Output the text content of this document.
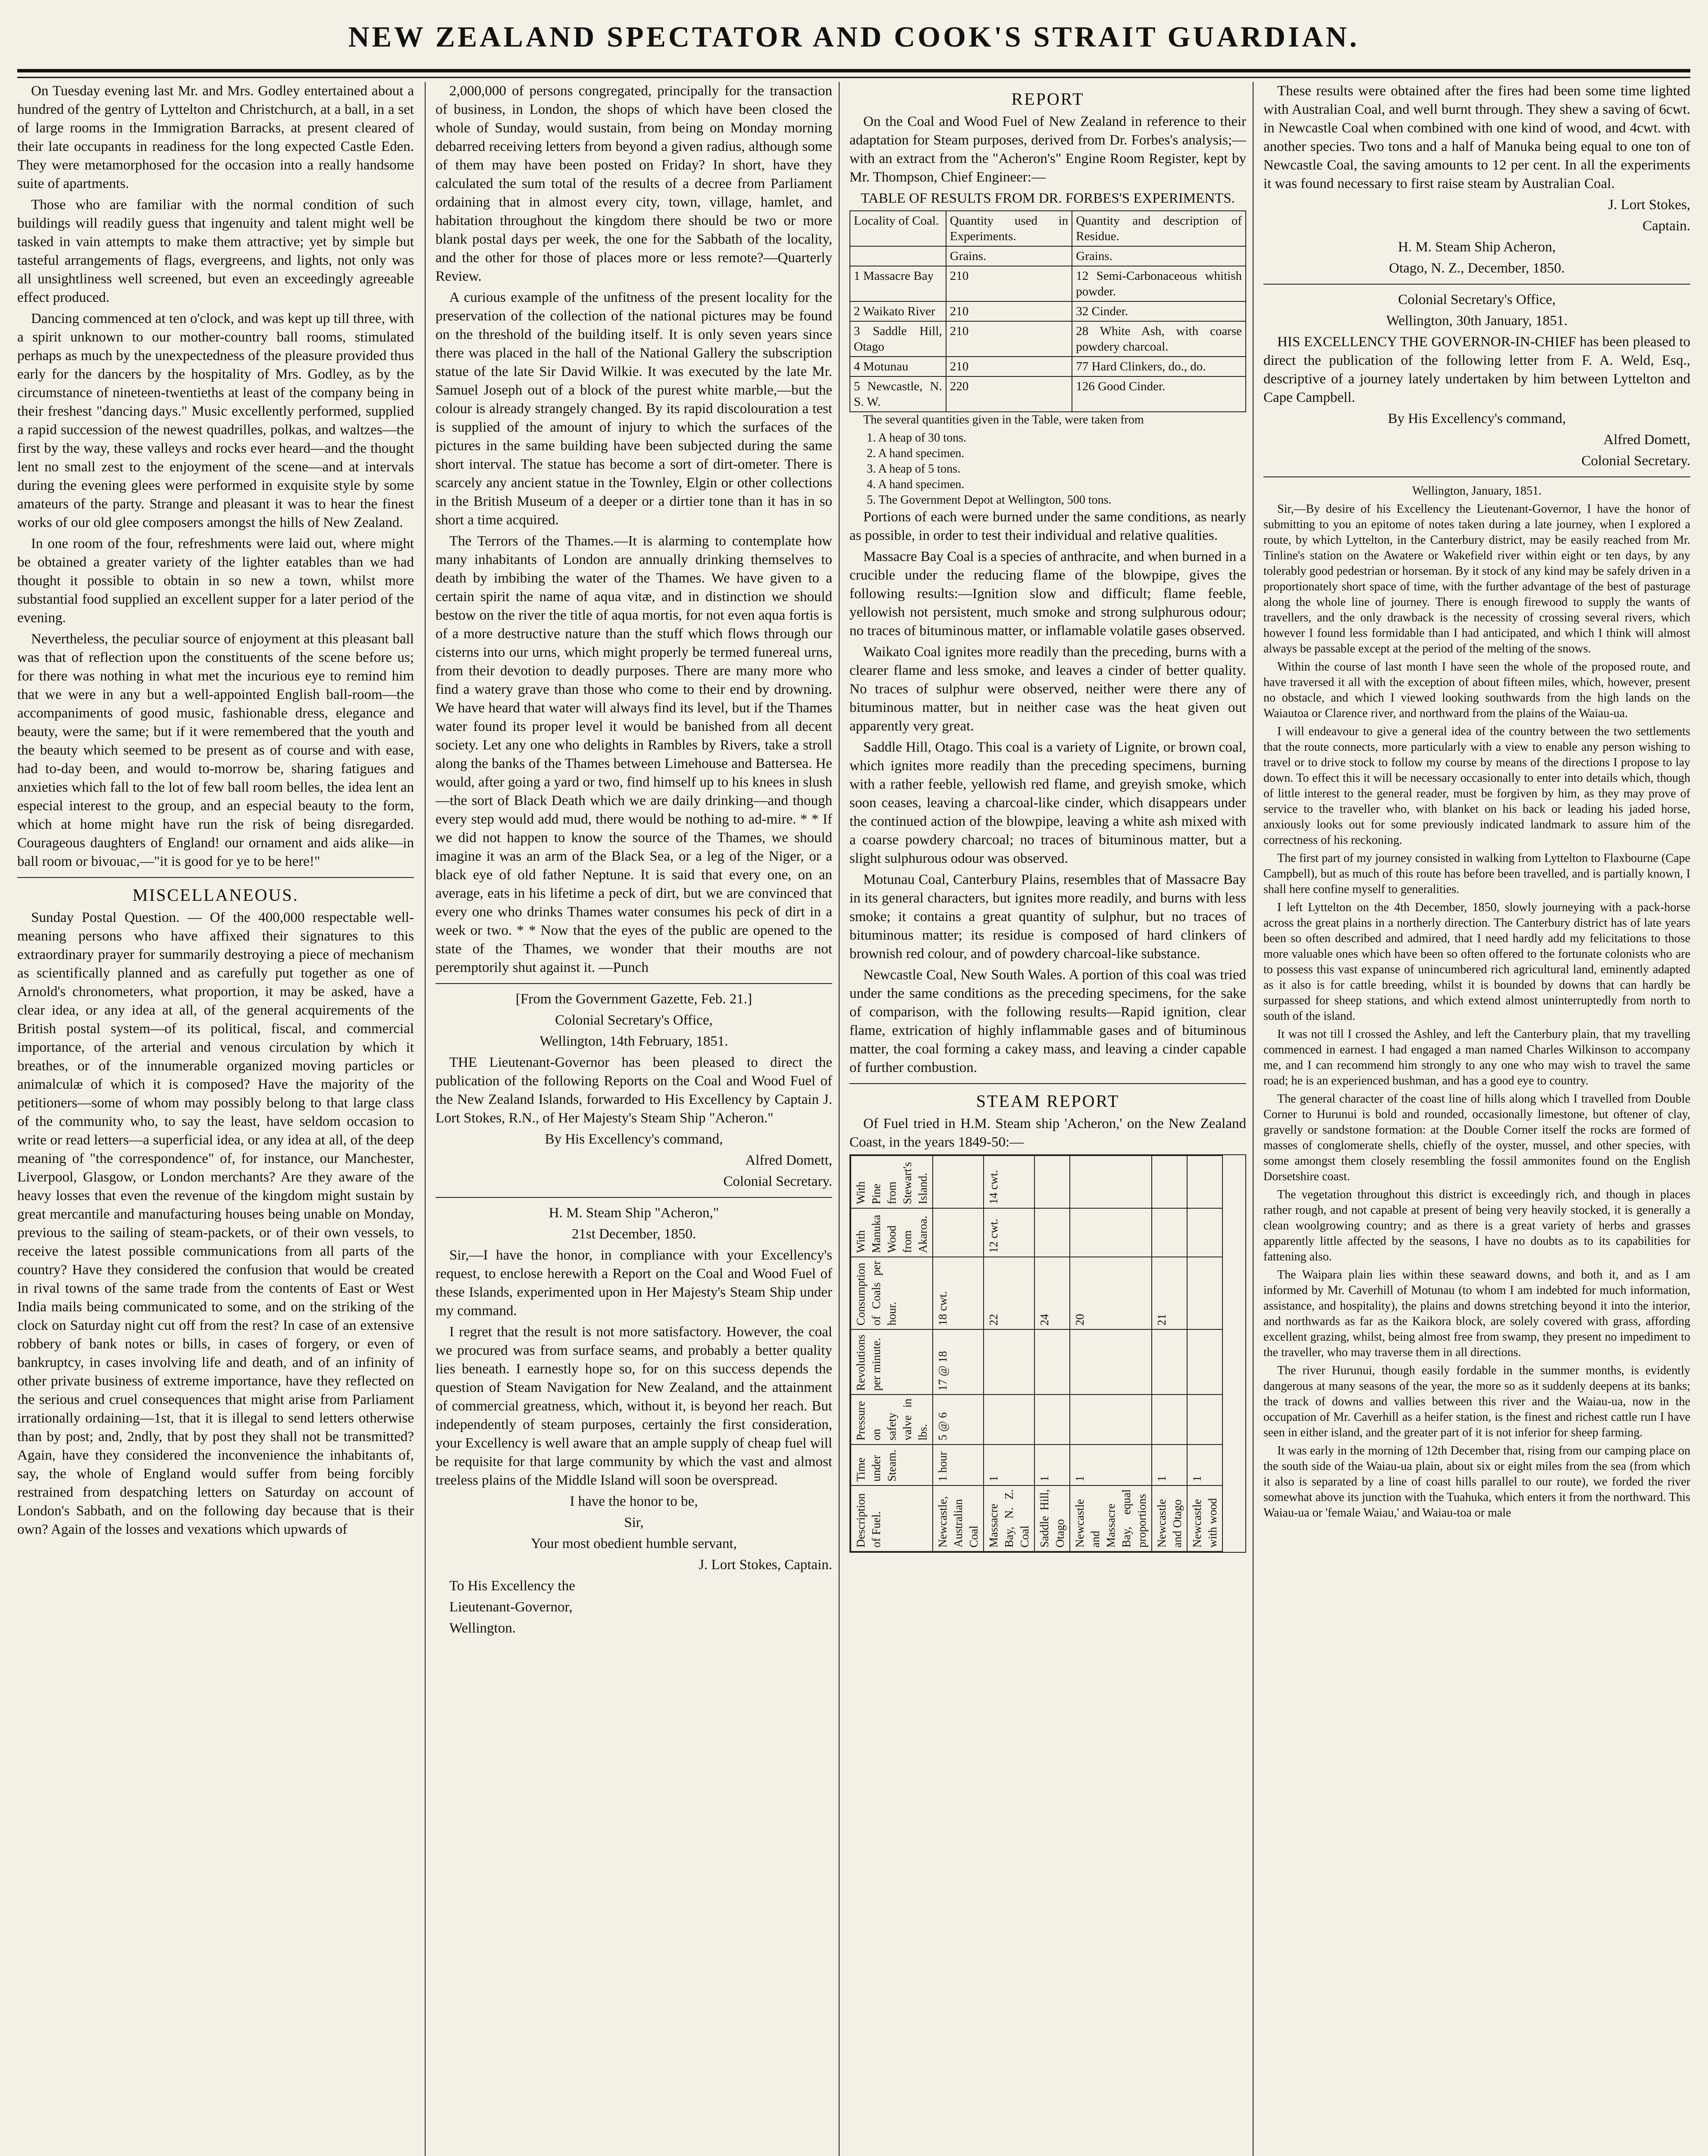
NEW ZEALAND SPECTATOR AND COOK'S STRAIT GUARDIAN.

On Tuesday evening last Mr. and Mrs. Godley entertained about a hundred of the gentry of Lyttelton and Christchurch, at a ball, in a set of large rooms in the Immigration Barracks, at present cleared of their late occupants in readiness for the long expected Castle Eden. They were metamorphosed for the occasion into a really handsome suite of apartments.

Those who are familiar with the normal condition of such buildings will readily guess that ingenuity and talent might well be tasked in vain attempts to make them attractive; yet by simple but tasteful arrangements of flags, evergreens, and lights, not only was all unsightliness well screened, but even an exceedingly agreeable effect produced.

Dancing commenced at ten o'clock, and was kept up till three, with a spirit unknown to our mother-country ball rooms, stimulated perhaps as much by the unexpectedness of the pleasure provided thus early for the dancers by the hospitality of Mrs. Godley, as by the circumstance of nineteen-twentieths at least of the company being in their freshest "dancing days." Music excellently performed, supplied a rapid succession of the newest quadrilles, polkas, and waltzes—the first by the way, these valleys and rocks ever heard—and the thought lent no small zest to the enjoyment of the scene—and at intervals during the evening glees were performed in exquisite style by some amateurs of the party. Strange and pleasant it was to hear the finest works of our old glee composers amongst the hills of New Zealand.

In one room of the four, refreshments were laid out, where might be obtained a greater variety of the lighter eatables than we had thought it possible to obtain in so new a town, whilst more substantial food supplied an excellent supper for a later period of the evening.

Nevertheless, the peculiar source of enjoyment at this pleasant ball was that of reflection upon the constituents of the scene before us; for there was nothing in what met the incurious eye to remind him that we were in any but a well-appointed English ball-room—the accompaniments of good music, fashionable dress, elegance and beauty, were the same; but if it were remembered that the youth and the beauty which seemed to be present as of course and with ease, had to-day been, and would to-morrow be, sharing fatigues and anxieties which fall to the lot of few ball room belles, the idea lent an especial interest to the group, and an especial beauty to the form, which at home might have run the risk of being disregarded. Courageous daughters of England! our ornament and aids alike—in ball room or bivouac,—"it is good for ye to be here!"

MISCELLANEOUS.

Sunday Postal Question. — Of the 400,000 respectable well-meaning persons who have affixed their signatures to this extraordinary prayer for summarily destroying a piece of mechanism as scientifically planned and as carefully put together as one of Arnold's chronometers, what proportion, it may be asked, have a clear idea, or any idea at all, of the general acquirements of the British postal system—of its political, fiscal, and commercial importance, of the arterial and venous circulation by which it breathes, or of the innumerable organized moving particles or animalculæ of which it is composed? Have the majority of the petitioners—some of whom may possibly belong to that large class of the community who, to say the least, have seldom occasion to write or read letters—a superficial idea, or any idea at all, of the deep meaning of "the correspondence" of, for instance, our Manchester, Liverpool, Glasgow, or London merchants? Are they aware of the heavy losses that even the revenue of the kingdom might sustain by great mercantile and manufacturing houses being unable on Monday, previous to the sailing of steam-packets, or of their own vessels, to receive the latest possible communications from all parts of the country? Have they considered the confusion that would be created in rival towns of the same trade from the contents of East or West India mails being communicated to some, and on the striking of the clock on Saturday night cut off from the rest? In case of an extensive robbery of bank notes or bills, in cases of forgery, or even of bankruptcy, in cases involving life and death, and of an infinity of other private business of extreme importance, have they reflected on the serious and cruel consequences that might arise from Parliament irrationally ordaining—1st, that it is illegal to send letters otherwise than by post; and, 2ndly, that by post they shall not be transmitted? Again, have they considered the inconvenience the inhabitants of, say, the whole of England would suffer from being forcibly restrained from despatching letters on Saturday on account of London's Sabbath, and on the following day because that is their own? Again of the losses and vexations which upwards of

2,000,000 of persons congregated, principally for the transaction of business, in London, the shops of which have been closed the whole of Sunday, would sustain, from being on Monday morning debarred receiving letters from beyond a given radius, although some of them may have been posted on Friday? In short, have they calculated the sum total of the results of a decree from Parliament ordaining that in almost every city, town, village, hamlet, and habitation throughout the kingdom there should be two or more blank postal days per week, the one for the Sabbath of the locality, and the other for those of places more or less remote?—Quarterly Review.

A curious example of the unfitness of the present locality for the preservation of the collection of the national pictures may be found on the threshold of the building itself. It is only seven years since there was placed in the hall of the National Gallery the subscription statue of the late Sir David Wilkie. It was executed by the late Mr. Samuel Joseph out of a block of the purest white marble,—but the colour is already strangely changed. By its rapid discolouration a test is supplied of the amount of injury to which the surfaces of the pictures in the same building have been subjected during the same short interval. The statue has become a sort of dirt-ometer. There is scarcely any ancient statue in the Townley, Elgin or other collections in the British Museum of a deeper or a dirtier tone than it has in so short a time acquired.

The Terrors of the Thames.—It is alarming to contemplate how many inhabitants of London are annually drinking themselves to death by imbibing the water of the Thames. We have given to a certain spirit the name of aqua vitæ, and in distinction we should bestow on the river the title of aqua mortis, for not even aqua fortis is of a more destructive nature than the stuff which flows through our cisterns into our urns, which might properly be termed funereal urns, from their devotion to deadly purposes. There are many more who find a watery grave than those who come to their end by drowning. We have heard that water will always find its level, but if the Thames water found its proper level it would be banished from all decent society. Let any one who delights in Rambles by Rivers, take a stroll along the banks of the Thames between Limehouse and Battersea. He would, after going a yard or two, find himself up to his knees in slush—the sort of Black Death which we are daily drinking—and though every step would add mud, there would be nothing to ad-mire. * * If we did not happen to know the source of the Thames, we should imagine it was an arm of the Black Sea, or a leg of the Niger, or a black eye of old father Neptune. It is said that every one, on an average, eats in his lifetime a peck of dirt, but we are convinced that every one who drinks Thames water consumes his peck of dirt in a week or two. * * Now that the eyes of the public are opened to the state of the Thames, we wonder that their mouths are not peremptorily shut against it. —Punch

[From the Government Gazette, Feb. 21.]

Colonial Secretary's Office,

Wellington, 14th February, 1851.

THE Lieutenant-Governor has been pleased to direct the publication of the following Reports on the Coal and Wood Fuel of the New Zealand Islands, forwarded to His Excellency by Captain J. Lort Stokes, R.N., of Her Majesty's Steam Ship "Acheron."

By His Excellency's command,

Alfred Domett,

Colonial Secretary.

H. M. Steam Ship "Acheron,"

21st December, 1850.

Sir,—I have the honor, in compliance with your Excellency's request, to enclose herewith a Report on the Coal and Wood Fuel of these Islands, experimented upon in Her Majesty's Steam Ship under my command.

I regret that the result is not more satisfactory. However, the coal we procured was from surface seams, and probably a better quality lies beneath. I earnestly hope so, for on this success depends the question of Steam Navigation for New Zealand, and the attainment of commercial greatness, which, without it, is beyond her reach. But independently of steam purposes, certainly the first consideration, your Excellency is well aware that an ample supply of cheap fuel will be requisite for that large community by which the vast and almost treeless plains of the Middle Island will soon be overspread.

I have the honor to be,

Sir,

Your most obedient humble servant,

J. Lort Stokes, Captain.

To His Excellency the

Lieutenant-Governor,

Wellington.

REPORT

On the Coal and Wood Fuel of New Zealand in reference to their adaptation for Steam purposes, derived from Dr. Forbes's analysis;—with an extract from the "Acheron's" Engine Room Register, kept by Mr. Thompson, Chief Engineer:—

TABLE OF RESULTS FROM DR. FORBES'S EXPERIMENTS.

Locality of Coal.	Quantity used in Experiments.	Quantity and description of Residue.
	Grains.	Grains.
1 Massacre Bay	210	12 Semi-Carbonaceous whitish powder.
2 Waikato River	210	32 Cinder.
3 Saddle Hill, Otago	210	28 White Ash, with coarse powdery charcoal.
4 Motunau	210	77 Hard Clinkers, do., do.
5 Newcastle, N. S. W.	220	126 Good Cinder.

The several quantities given in the Table, were taken from

1. A heap of 30 tons.
2. A hand specimen.
3. A heap of 5 tons.
4. A hand specimen.
5. The Government Depot at Wellington, 500 tons.

Portions of each were burned under the same conditions, as nearly as possible, in order to test their individual and relative qualities.

Massacre Bay Coal is a species of anthracite, and when burned in a crucible under the reducing flame of the blowpipe, gives the following results:—Ignition slow and difficult; flame feeble, yellowish not persistent, much smoke and strong sulphurous odour; no traces of bituminous matter, or inflamable volatile gases observed.

Waikato Coal ignites more readily than the preceding, burns with a clearer flame and less smoke, and leaves a cinder of better quality. No traces of sulphur were observed, neither were there any of bituminous matter, but in neither case was the heat given out apparently very great.

Saddle Hill, Otago. This coal is a variety of Lignite, or brown coal, which ignites more readily than the preceding specimens, burning with a rather feeble, yellowish red flame, and greyish smoke, which soon ceases, leaving a charcoal-like cinder, which disappears under the continued action of the blowpipe, leaving a white ash mixed with a coarse powdery charcoal; no traces of bituminous matter, but a slight sulphurous odour was observed.

Motunau Coal, Canterbury Plains, resembles that of Massacre Bay in its general characters, but ignites more readily, and burns with less smoke; it contains a great quantity of sulphur, but no traces of bituminous matter; its residue is composed of hard clinkers of brownish red colour, and of powdery charcoal-like substance.

Newcastle Coal, New South Wales. A portion of this coal was tried under the same conditions as the preceding specimens, for the sake of comparison, with the following results—Rapid ignition, clear flame, extrication of highly inflammable gases and of bituminous matter, the coal forming a cakey mass, and leaving a cinder capable of further combustion.

STEAM REPORT

Of Fuel tried in H.M. Steam ship 'Acheron,' on the New Zealand Coast, in the years 1849-50:—

Description of Fuel.	Time under Steam.	Pressure on safety valve in lbs.	Revolutions per minute.	Consumption of Coals per hour.	With Manuka Wood from Akaroa.	With Pine from Stewart's Island.
Newcastle, Australian Coal	1 hour	5 @ 6	17 @ 18	18 cwt.		
Massacre Bay, N. Z. Coal	1			22	12 cwt.	14 cwt.
Saddle Hill, Otago	1			24		
Newcastle and Massacre Bay, equal proportions	1			20		
Newcastle and Otago	1			21		
Newcastle with wood	1					

These results were obtained after the fires had been some time lighted with Australian Coal, and well burnt through. They shew a saving of 6cwt. in Newcastle Coal when combined with one kind of wood, and 4cwt. with another species. Two tons and a half of Manuka being equal to one ton of Newcastle Coal, the saving amounts to 12 per cent. In all the experiments it was found necessary to first raise steam by Australian Coal.

J. Lort Stokes,

Captain.

H. M. Steam Ship Acheron,

Otago, N. Z., December, 1850.

Colonial Secretary's Office,

Wellington, 30th January, 1851.

HIS EXCELLENCY THE GOVERNOR-IN-CHIEF has been pleased to direct the publication of the following letter from F. A. Weld, Esq., descriptive of a journey lately undertaken by him between Lyttelton and Cape Campbell.

By His Excellency's command,

Alfred Domett,

Colonial Secretary.

Wellington, January, 1851.

Sir,—By desire of his Excellency the Lieutenant-Governor, I have the honor of submitting to you an epitome of notes taken during a late journey, when I explored a route, by which Lyttelton, in the Canterbury district, may be easily reached from Mr. Tinline's station on the Awatere or Wakefield river within eight or ten days, by any tolerably good pedestrian or horseman. By it stock of any kind may be safely driven in a proportionately short space of time, with the further advantage of the best of pasturage along the whole line of journey. There is enough firewood to supply the wants of travellers, and the only drawback is the necessity of crossing several rivers, which however I found less formidable than I had anticipated, and which I think will almost always be passable except at the period of the melting of the snows.

Within the course of last month I have seen the whole of the proposed route, and have traversed it all with the exception of about fifteen miles, which, however, present no obstacle, and which I viewed looking southwards from the high lands on the Waiautoa or Clarence river, and northward from the plains of the Waiau-ua.

I will endeavour to give a general idea of the country between the two settlements that the route connects, more particularly with a view to enable any person wishing to travel or to drive stock to follow my course by means of the directions I propose to lay down. To effect this it will be necessary occasionally to enter into details which, though of little interest to the general reader, must be forgiven by him, as they may prove of service to the traveller who, with blanket on his back or leading his jaded horse, anxiously looks out for some previously indicated landmark to assure him of the correctness of his reckoning.

The first part of my journey consisted in walking from Lyttelton to Flaxbourne (Cape Campbell), but as much of this route has before been travelled, and is partially known, I shall here confine myself to generalities.

I left Lyttelton on the 4th December, 1850, slowly journeying with a pack-horse across the great plains in a northerly direction. The Canterbury district has of late years been so often described and admired, that I need hardly add my felicitations to those more valuable ones which have been so often offered to the fortunate colonists who are to possess this vast expanse of unincumbered rich agricultural land, eminently adapted as it also is for cattle breeding, whilst it is bounded by downs that can hardly be surpassed for sheep stations, and which extend almost uninterruptedly from north to south of the island.

It was not till I crossed the Ashley, and left the Canterbury plain, that my travelling commenced in earnest. I had engaged a man named Charles Wilkinson to accompany me, and I can recommend him strongly to any one who may wish to travel the same road; he is an experienced bushman, and has a good eye to country.

The general character of the coast line of hills along which I travelled from Double Corner to Hurunui is bold and rounded, occasionally limestone, but oftener of clay, gravelly or sandstone formation: at the Double Corner itself the rocks are formed of masses of conglomerate shells, chiefly of the oyster, mussel, and other species, with some amongst them closely resembling the fossil ammonites found on the English Dorsetshire coast.

The vegetation throughout this district is exceedingly rich, and though in places rather rough, and not capable at present of being very heavily stocked, it is generally a clean woolgrowing country; and as there is a great variety of herbs and grasses apparently little affected by the seasons, I have no doubts as to its capabilities for fattening also.

The Waipara plain lies within these seaward downs, and both it, and as I am informed by Mr. Caverhill of Motunau (to whom I am indebted for much information, assistance, and hospitality), the plains and downs stretching beyond it into the interior, and northwards as far as the Kaikora block, are solely covered with grass, affording excellent grazing, whilst, being almost free from swamp, they present no impediment to the traveller, who may traverse them in all directions.

The river Hurunui, though easily fordable in the summer months, is evidently dangerous at many seasons of the year, the more so as it suddenly deepens at its banks; the track of downs and vallies between this river and the Waiau-ua, now in the occupation of Mr. Caverhill as a heifer station, is the finest and richest cattle run I have seen in either island, and the greater part of it is not inferior for sheep farming.

It was early in the morning of 12th December that, rising from our camping place on the south side of the Waiau-ua plain, about six or eight miles from the sea (from which it also is separated by a line of coast hills parallel to our route), we forded the river somewhat above its junction with the Tuahuka, which enters it from the northward. This Waiau-ua or 'female Waiau,' and Waiau-toa or male
